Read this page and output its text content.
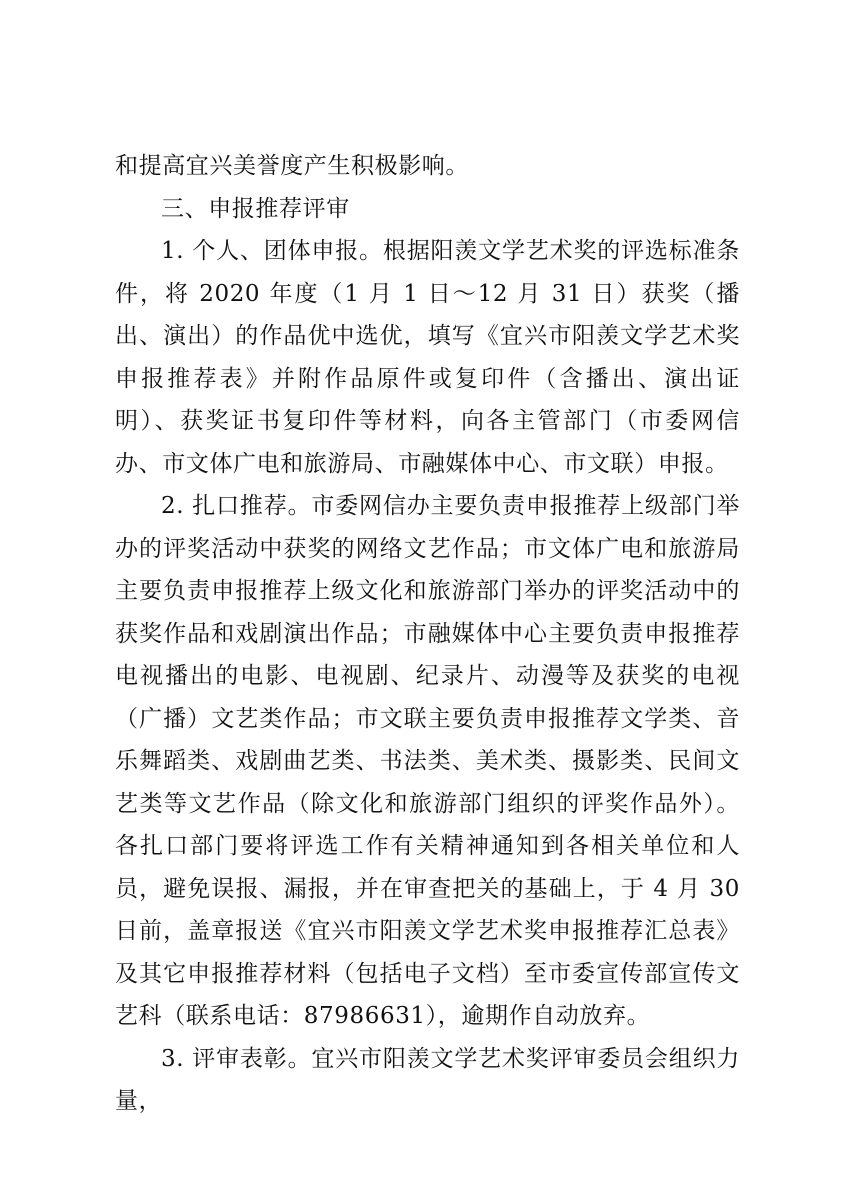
和提高宜兴美誉度产生积极影响。

三、申报推荐评审

1. 个人、团体申报。根据阳羡文学艺术奖的评选标准条件，将 2020 年度（1 月 1 日～12 月 31 日）获奖（播出、演出）的作品优中选优，填写《宜兴市阳羡文学艺术奖申报推荐表》并附作品原件或复印件（含播出、演出证明）、获奖证书复印件等材料，向各主管部门（市委网信办、市文体广电和旅游局、市融媒体中心、市文联）申报。

2. 扎口推荐。市委网信办主要负责申报推荐上级部门举办的评奖活动中获奖的网络文艺作品；市文体广电和旅游局主要负责申报推荐上级文化和旅游部门举办的评奖活动中的获奖作品和戏剧演出作品；市融媒体中心主要负责申报推荐电视播出的电影、电视剧、纪录片、动漫等及获奖的电视（广播）文艺类作品；市文联主要负责申报推荐文学类、音乐舞蹈类、戏剧曲艺类、书法类、美术类、摄影类、民间文艺类等文艺作品（除文化和旅游部门组织的评奖作品外）。各扎口部门要将评选工作有关精神通知到各相关单位和人员，避免误报、漏报，并在审查把关的基础上，于 4 月 30 日前，盖章报送《宜兴市阳羡文学艺术奖申报推荐汇总表》及其它申报推荐材料（包括电子文档）至市委宣传部宣传文艺科（联系电话：87986631），逾期作自动放弃。

3. 评审表彰。宜兴市阳羡文学艺术奖评审委员会组织力量，
